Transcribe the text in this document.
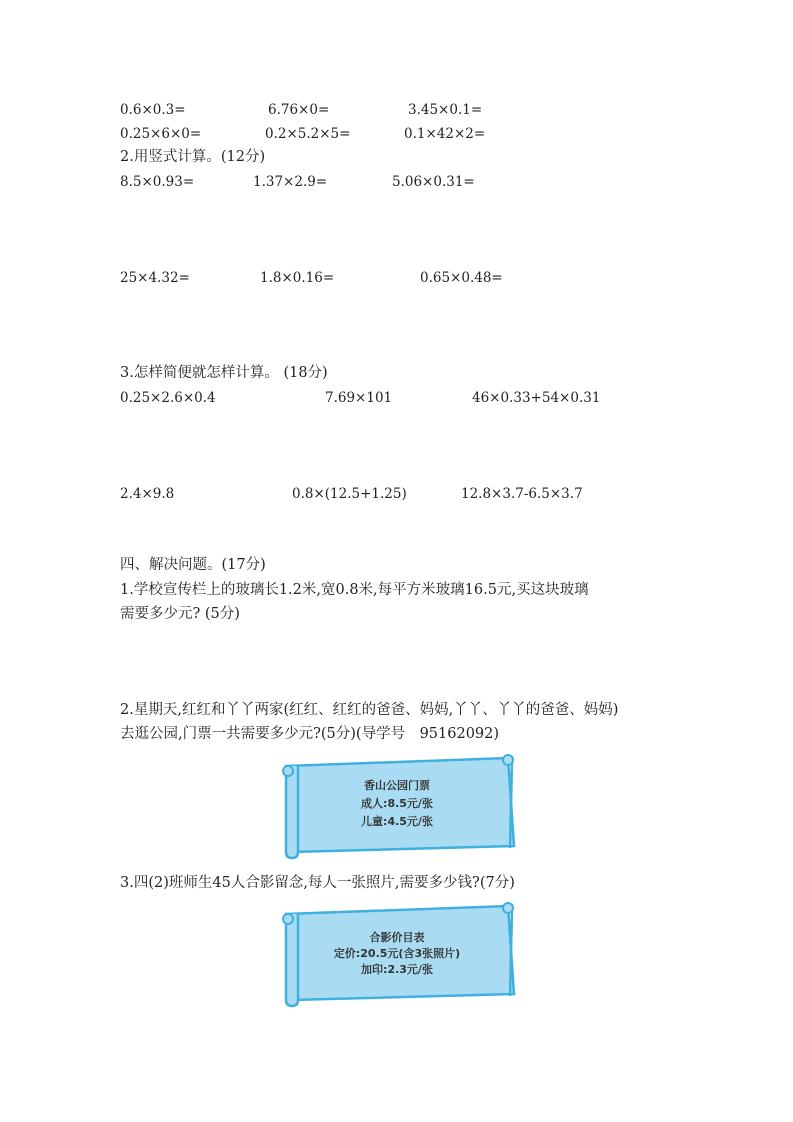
0.6×0.3=	6.76×0=	3.45×0.1=
0.25×6×0=	0.2×5.2×5=	0.1×42×2=
2.用竖式计算。(12分)
8.5×0.93=	1.37×2.9=	5.06×0.31=
25×4.32=	1.8×0.16=	0.65×0.48=
3.怎样简便就怎样计算。 (18分)
0.25×2.6×0.4	7.69×101	46×0.33+54×0.31
2.4×9.8	0.8×(12.5+1.25)	12.8×3.7-6.5×3.7
四、解决问题。(17分)
1.学校宣传栏上的玻璃长1.2米,宽0.8米,每平方米玻璃16.5元,买这块玻璃
需要多少元? (5分)
2.星期天,红红和丫丫两家(红红、红红的爸爸、妈妈,丫丫、丫丫的爸爸、妈妈)
去逛公园,门票一共需要多少元?(5分)(导学号　95162092)
香山公园门票
成人:8.5元/张
儿童:4.5元/张
3.四(2)班师生45人合影留念,每人一张照片,需要多少钱?(7分)
合影价目表
定价:20.5元(含3张照片)
加印:2.3元/张
